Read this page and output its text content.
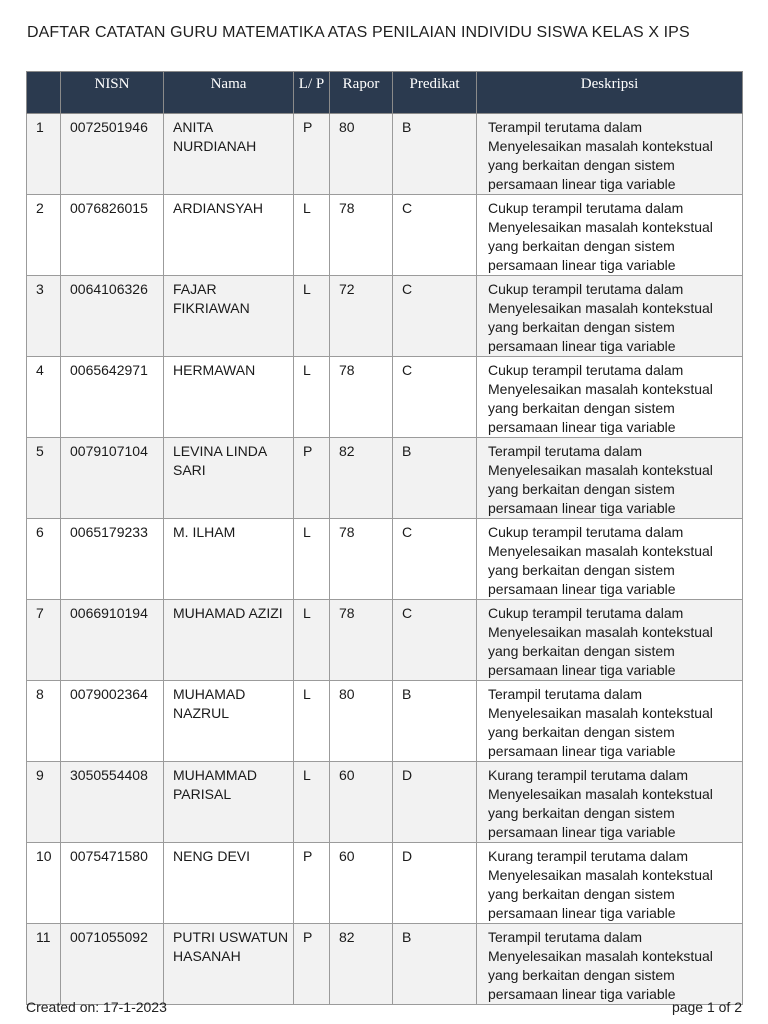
DAFTAR CATATAN GURU MATEMATIKA ATAS PENILAIAN INDIVIDU SISWA KELAS X IPS
	NISN	Nama	L/ P	Rapor	Predikat	Deskripsi
1	0072501946	ANITA NURDIANAH	P	80	B	Terampil terutama dalam Menyelesaikan masalah kontekstual yang berkaitan dengan sistem persamaan linear tiga variable
2	0076826015	ARDIANSYAH	L	78	C	Cukup terampil terutama dalam Menyelesaikan masalah kontekstual yang berkaitan dengan sistem persamaan linear tiga variable
3	0064106326	FAJAR FIKRIAWAN	L	72	C	Cukup terampil terutama dalam Menyelesaikan masalah kontekstual yang berkaitan dengan sistem persamaan linear tiga variable
4	0065642971	HERMAWAN	L	78	C	Cukup terampil terutama dalam Menyelesaikan masalah kontekstual yang berkaitan dengan sistem persamaan linear tiga variable
5	0079107104	LEVINA LINDA SARI	P	82	B	Terampil terutama dalam Menyelesaikan masalah kontekstual yang berkaitan dengan sistem persamaan linear tiga variable
6	0065179233	M. ILHAM	L	78	C	Cukup terampil terutama dalam Menyelesaikan masalah kontekstual yang berkaitan dengan sistem persamaan linear tiga variable
7	0066910194	MUHAMAD AZIZI	L	78	C	Cukup terampil terutama dalam Menyelesaikan masalah kontekstual yang berkaitan dengan sistem persamaan linear tiga variable
8	0079002364	MUHAMAD NAZRUL	L	80	B	Terampil terutama dalam Menyelesaikan masalah kontekstual yang berkaitan dengan sistem persamaan linear tiga variable
9	3050554408	MUHAMMAD PARISAL	L	60	D	Kurang terampil terutama dalam Menyelesaikan masalah kontekstual yang berkaitan dengan sistem persamaan linear tiga variable
10	0075471580	NENG DEVI	P	60	D	Kurang terampil terutama dalam Menyelesaikan masalah kontekstual yang berkaitan dengan sistem persamaan linear tiga variable
11	0071055092	PUTRI USWATUN HASANAH	P	82	B	Terampil terutama dalam Menyelesaikan masalah kontekstual yang berkaitan dengan sistem persamaan linear tiga variable
Created on: 17-1-2023	page 1 of 2
